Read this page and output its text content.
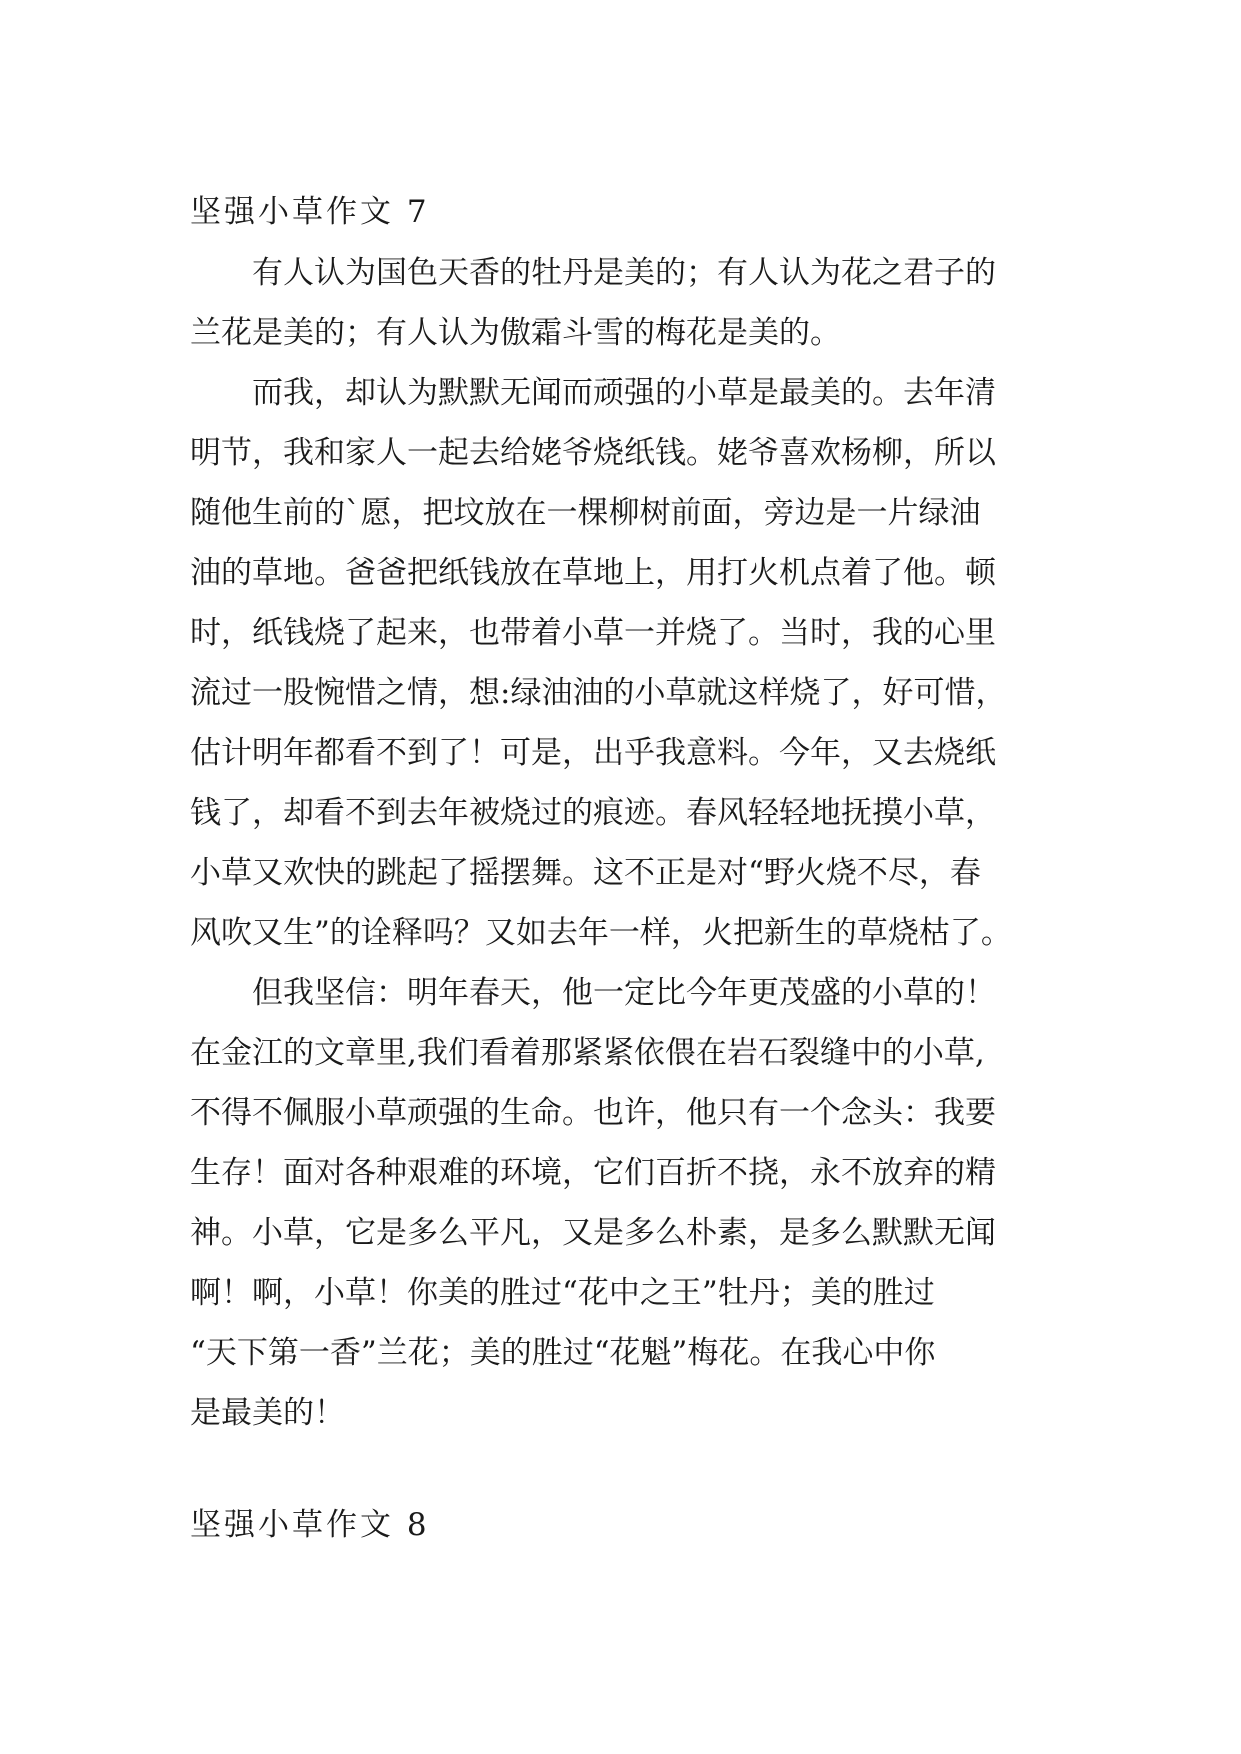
坚强小草作文 7
有人认为国色天香的牡丹是美的；有人认为花之君子的
兰花是美的；有人认为傲霜斗雪的梅花是美的。
而我，却认为默默无闻而顽强的小草是最美的。去年清
明节，我和家人一起去给姥爷烧纸钱。姥爷喜欢杨柳，所以
随他生前的`愿，把坟放在一棵柳树前面，旁边是一片绿油
油的草地。爸爸把纸钱放在草地上，用打火机点着了他。顿
时，纸钱烧了起来，也带着小草一并烧了。当时，我的心里
流过一股惋惜之情，想:绿油油的小草就这样烧了，好可惜，
估计明年都看不到了！可是，出乎我意料。今年，又去烧纸
钱了，却看不到去年被烧过的痕迹。春风轻轻地抚摸小草，
小草又欢快的跳起了摇摆舞。这不正是对“野火烧不尽，春
风吹又生”的诠释吗？又如去年一样，火把新生的草烧枯了。
但我坚信：明年春天，他一定比今年更茂盛的小草的！
在金江的文章里,我们看着那紧紧依偎在岩石裂缝中的小草,
不得不佩服小草顽强的生命。也许，他只有一个念头：我要
生存！面对各种艰难的环境，它们百折不挠，永不放弃的精
神。小草，它是多么平凡，又是多么朴素，是多么默默无闻
啊！啊，小草！你美的胜过“花中之王”牡丹；美的胜过
“天下第一香”兰花；美的胜过“花魁”梅花。在我心中你
是最美的！
坚强小草作文 8
